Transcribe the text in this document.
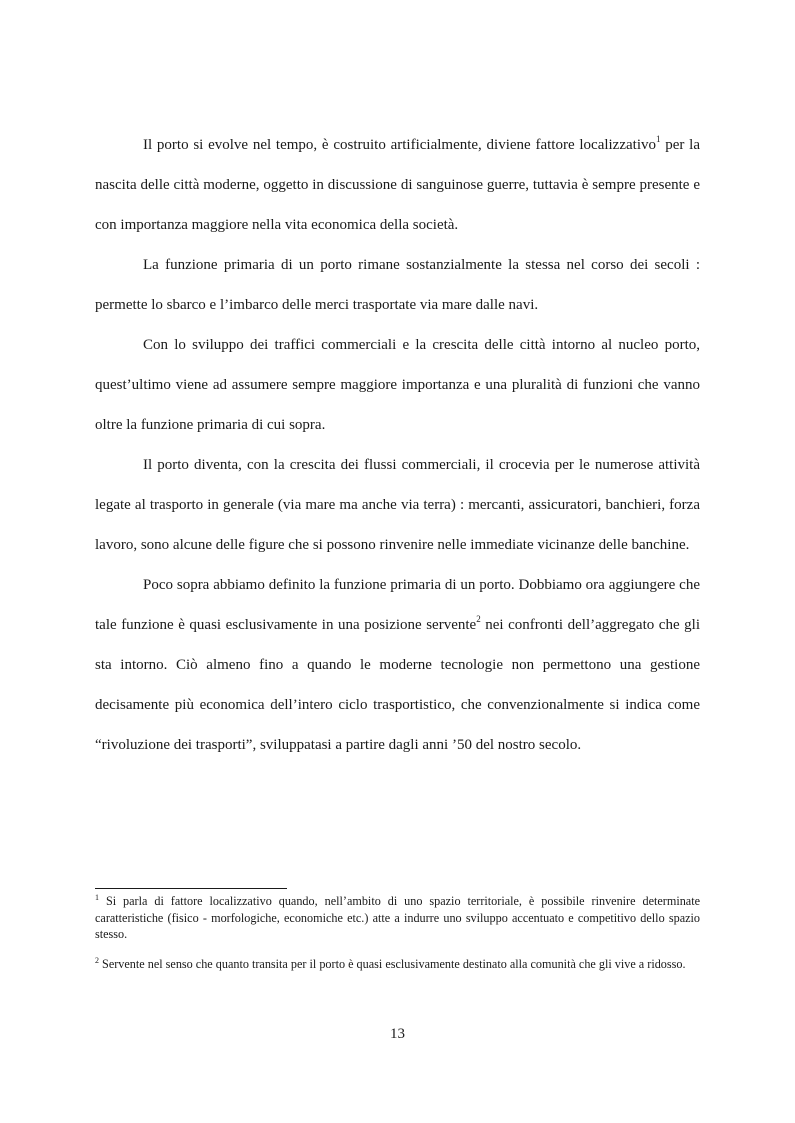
Il porto si evolve nel tempo, è costruito artificialmente, diviene fattore localizzativo$^1$ per la nascita delle città moderne, oggetto in discussione di sanguinose guerre, tuttavia è sempre presente e con importanza maggiore nella vita economica della società.

La funzione primaria di un porto rimane sostanzialmente la stessa nel corso dei secoli : permette lo sbarco e l’imbarco delle merci trasportate via mare dalle navi.

Con lo sviluppo dei traffici commerciali e la crescita delle città intorno al nucleo porto, quest’ultimo viene ad assumere sempre maggiore importanza e una pluralità di funzioni che vanno oltre la funzione primaria di cui sopra.

Il porto diventa, con la crescita dei flussi commerciali, il crocevia per le numerose attività legate al trasporto in generale (via mare ma anche via terra) : mercanti, assicuratori, banchieri, forza lavoro, sono alcune delle figure che si possono rinvenire nelle immediate vicinanze delle banchine.

Poco sopra abbiamo definito la funzione primaria di un porto. Dobbiamo ora aggiungere che tale funzione è quasi esclusivamente in una posizione servente$^2$ nei confronti dell’aggregato che gli sta intorno. Ciò almeno fino a quando le moderne tecnologie non permettono una gestione decisamente più economica dell’intero ciclo trasportistico, che convenzionalmente si indica come “rivoluzione dei trasporti”, sviluppatasi a partire dagli anni ’50 del nostro secolo.

$^1$ Si parla di fattore localizzativo quando, nell’ambito di uno spazio territoriale, è possibile rinvenire determinate caratteristiche (fisico - morfologiche, economiche etc.) atte a indurre uno sviluppo accentuato e competitivo dello spazio stesso.

$^2$ Servente nel senso che quanto transita per il porto è quasi esclusivamente destinato alla comunità che gli vive a ridosso.

13
